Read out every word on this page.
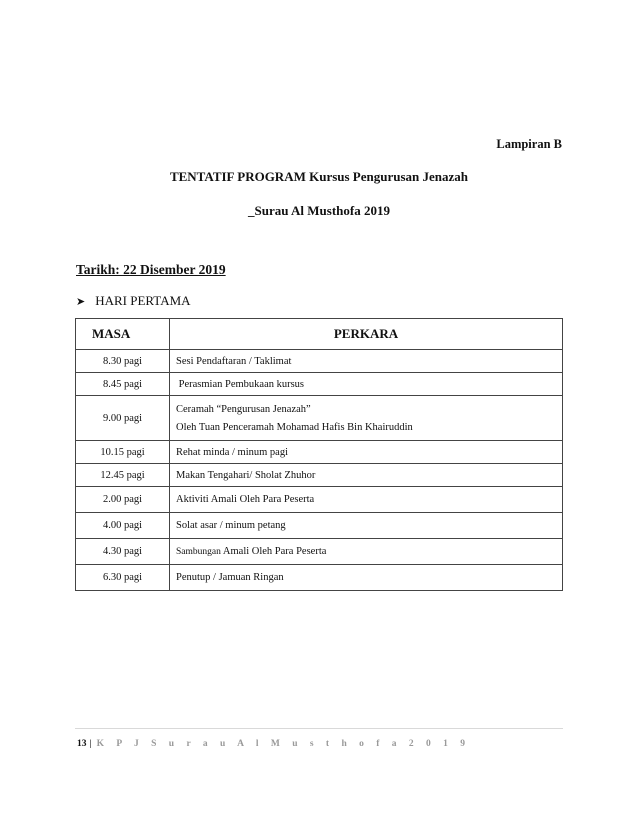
Lampiran B
TENTATIF PROGRAM Kursus Pengurusan Jenazah
_Surau Al Musthofa 2019
Tarikh: 22 Disember 2019
➤ HARI PERTAMA
MASA	PERKARA
8.30 pagi	Sesi Pendaftaran / Taklimat
8.45 pagi	Perasmian Pembukaan kursus
9.00 pagi	Ceramah “Pengurusan Jenazah”
Oleh Tuan Penceramah Mohamad Hafis Bin Khairuddin

10.15 pagi	Rehat minda / minum pagi
12.45 pagi	Makan Tengahari/ Sholat Zhuhor
2.00 pagi	Aktiviti Amali Oleh Para Peserta
4.00 pagi	Solat asar / minum petang
4.30 pagi	Sambungan Amali Oleh Para Peserta
6.30 pagi	Penutup / Jamuan Ringan
13 | K P J S u r a u A l M u s t h o f a 2 0 1 9
